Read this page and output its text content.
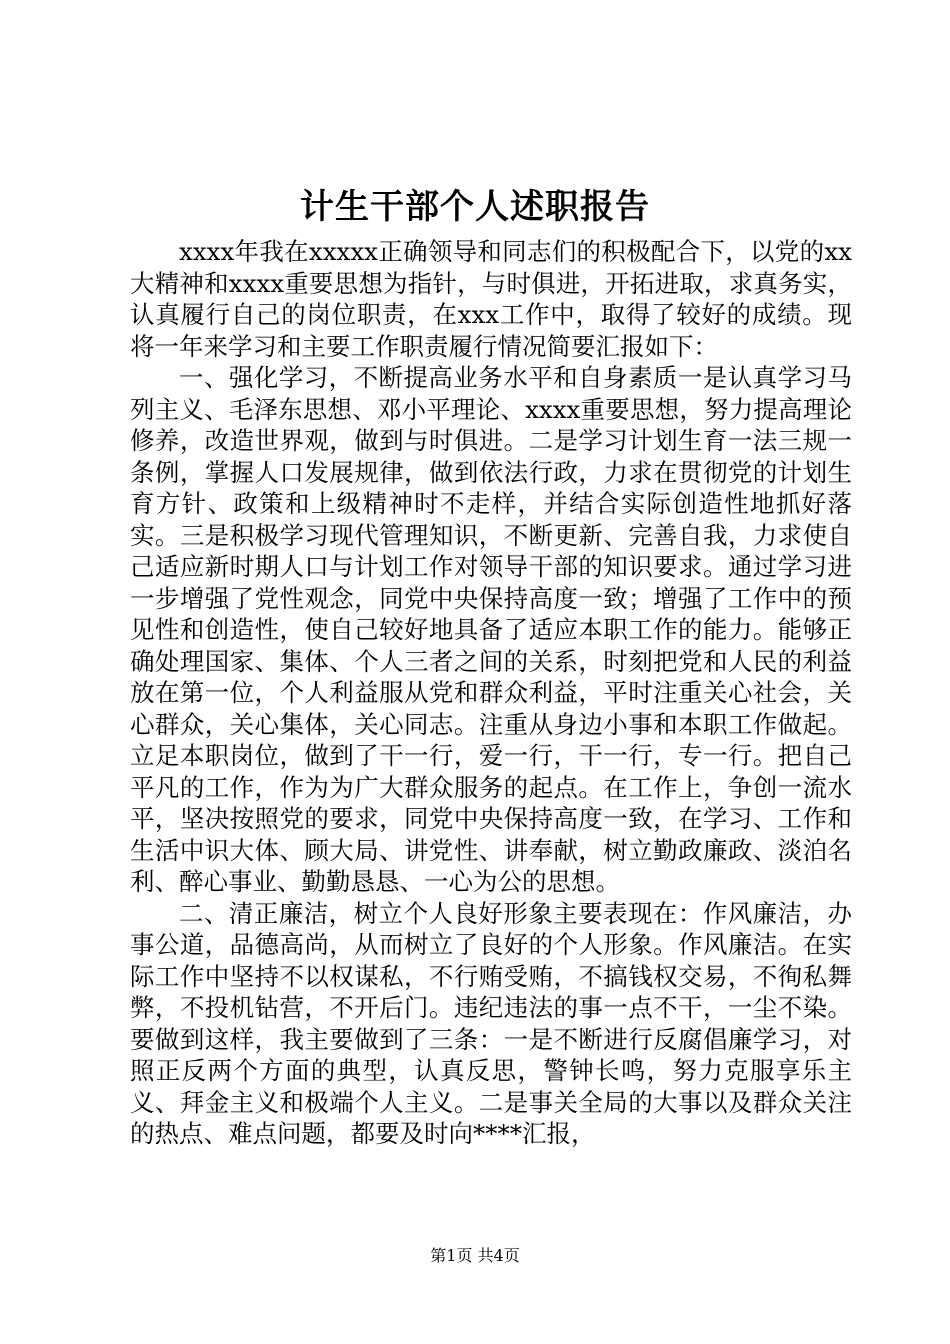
计生干部个人述职报告

xxxx年我在xxxxx正确领导和同志们的积极配合下，以党的xx大精神和xxxx重要思想为指针，与时俱进，开拓进取，求真务实，认真履行自己的岗位职责，在xxx工作中，取得了较好的成绩。现将一年来学习和主要工作职责履行情况简要汇报如下：

一、强化学习，不断提高业务水平和自身素质一是认真学习马列主义、毛泽东思想、邓小平理论、xxxx重要思想，努力提高理论修养，改造世界观，做到与时俱进。二是学习计划生育一法三规一条例，掌握人口发展规律，做到依法行政，力求在贯彻党的计划生育方针、政策和上级精神时不走样，并结合实际创造性地抓好落实。三是积极学习现代管理知识，不断更新、完善自我，力求使自己适应新时期人口与计划工作对领导干部的知识要求。通过学习进一步增强了党性观念，同党中央保持高度一致；增强了工作中的预见性和创造性，使自己较好地具备了适应本职工作的能力。能够正确处理国家、集体、个人三者之间的关系，时刻把党和人民的利益放在第一位，个人利益服从党和群众利益，平时注重关心社会，关心群众，关心集体，关心同志。注重从身边小事和本职工作做起。立足本职岗位，做到了干一行，爱一行，干一行，专一行。把自己平凡的工作，作为为广大群众服务的起点。在工作上，争创一流水平，坚决按照党的要求，同党中央保持高度一致，在学习、工作和生活中识大体、顾大局、讲党性、讲奉献，树立勤政廉政、淡泊名利、醉心事业、勤勤恳恳、一心为公的思想。

二、清正廉洁，树立个人良好形象主要表现在：作风廉洁，办事公道，品德高尚，从而树立了良好的个人形象。作风廉洁。在实际工作中坚持不以权谋私，不行贿受贿，不搞钱权交易，不徇私舞弊，不投机钻营，不开后门。违纪违法的事一点不干，一尘不染。要做到这样，我主要做到了三条：一是不断进行反腐倡廉学习，对照正反两个方面的典型，认真反思，警钟长鸣，努力克服享乐主义、拜金主义和极端个人主义。二是事关全局的大事以及群众关注的热点、难点问题，都要及时向****汇报，

第1页 共4页
